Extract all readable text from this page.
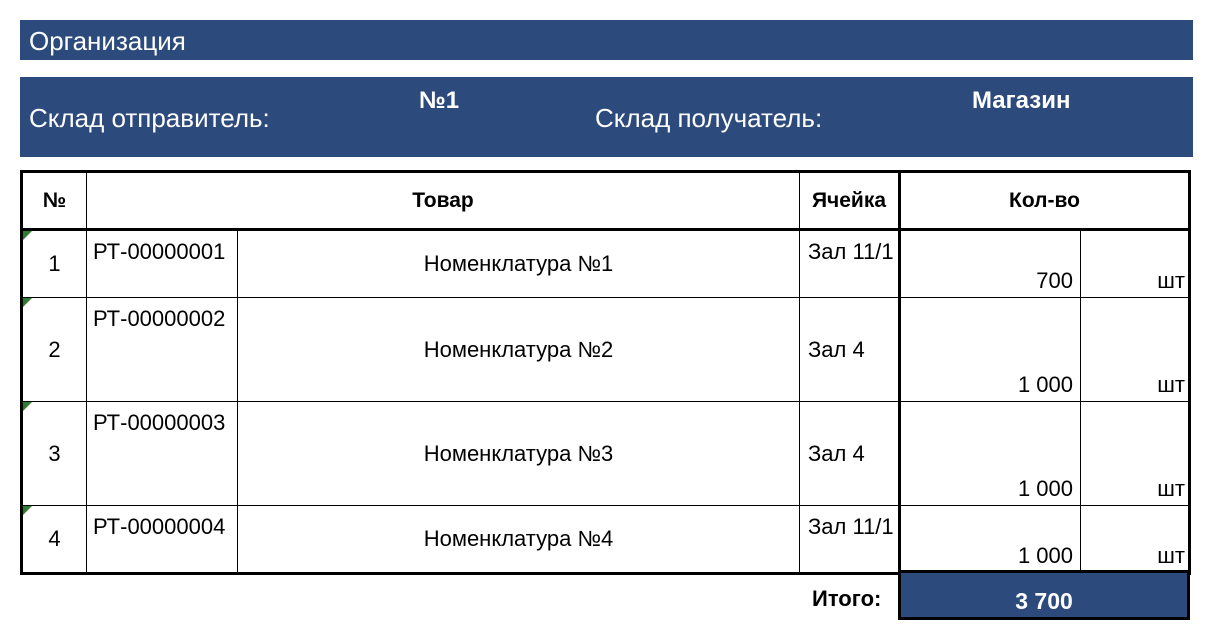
Организация
Склад отправитель:
№1
Склад получатель:
Магазин
№	Товар		Ячейка	Кол-во	

1	РТ-00000001	Номенклатура №1	Зал 11/1	700	шт

2	РТ-00000002	Номенклатура №2	Зал 4	1 000	шт

3	РТ-00000003	Номенклатура №3	Зал 4	1 000	шт

4	РТ-00000004	Номенклатура №4	Зал 11/1	1 000	шт
Итого:	3 700
